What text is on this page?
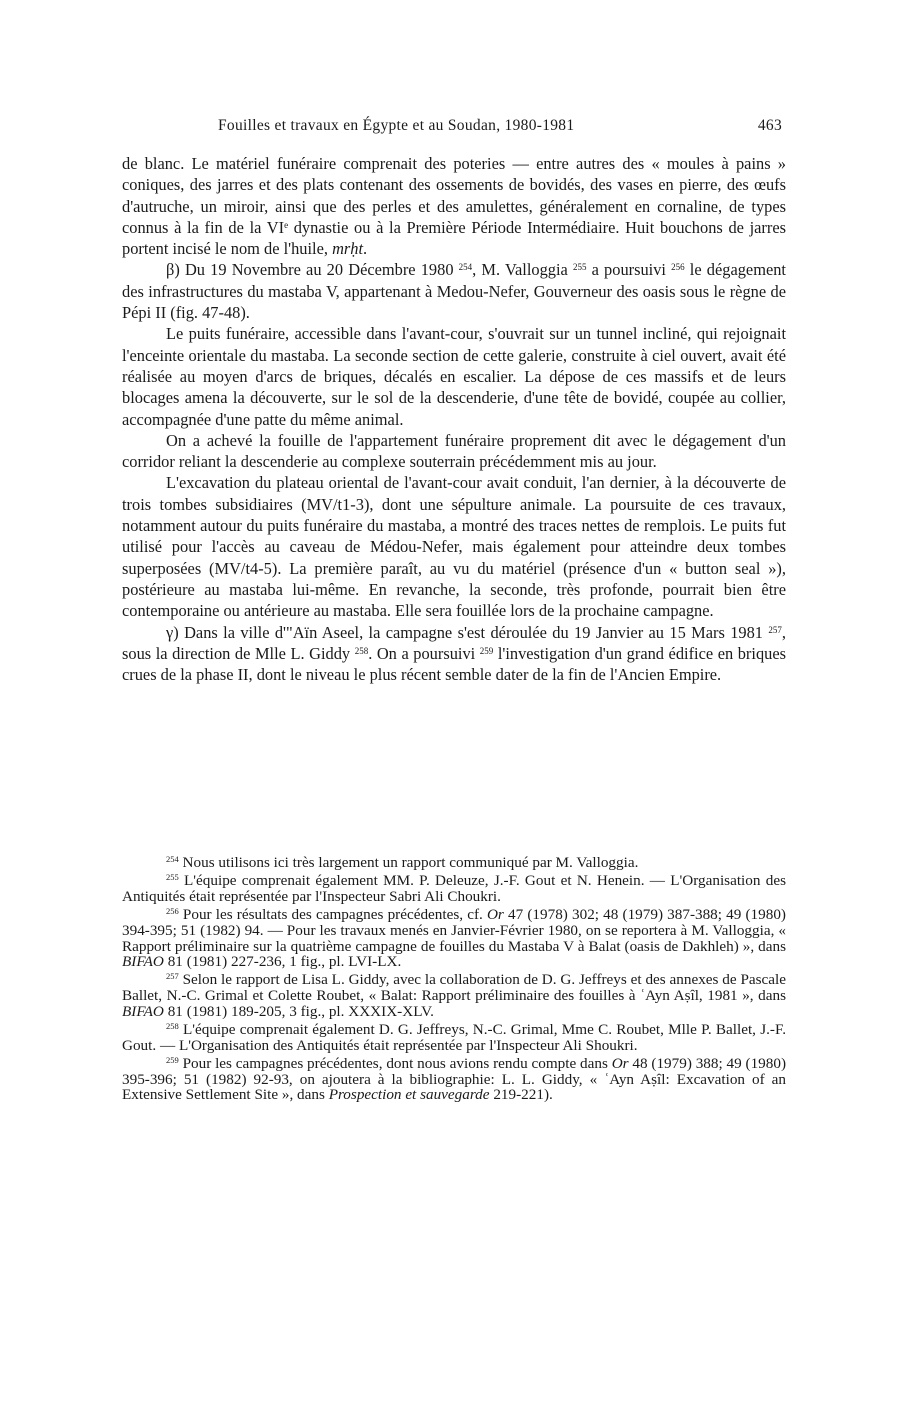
Fouilles et travaux en Égypte et au Soudan, 1980-1981	463

de blanc. Le matériel funéraire comprenait des poteries — entre autres des « moules à pains » coniques, des jarres et des plats contenant des ossements de bovidés, des vases en pierre, des œufs d'autruche, un miroir, ainsi que des perles et des amulettes, généralement en cornaline, de types connus à la fin de la VIe dynastie ou à la Première Période Intermédiaire. Huit bouchons de jarres portent incisé le nom de l'huile, mrḥt.

β) Du 19 Novembre au 20 Décembre 1980 $^{254}$, M. Valloggia $^{255}$ a poursuivi $^{256}$ le dégagement des infrastructures du mastaba V, appartenant à Medou-Nefer, Gouverneur des oasis sous le règne de Pépi II (fig. 47-48).

Le puits funéraire, accessible dans l'avant-cour, s'ouvrait sur un tunnel incliné, qui rejoignait l'enceinte orientale du mastaba. La seconde section de cette galerie, construite à ciel ouvert, avait été réalisée au moyen d'arcs de briques, décalés en escalier. La dépose de ces massifs et de leurs blocages amena la découverte, sur le sol de la descenderie, d'une tête de bovidé, coupée au collier, accompagnée d'une patte du même animal.

On a achevé la fouille de l'appartement funéraire proprement dit avec le dégagement d'un corridor reliant la descenderie au complexe souterrain précédemment mis au jour.

L'excavation du plateau oriental de l'avant-cour avait conduit, l'an dernier, à la découverte de trois tombes subsidiaires (MV/t1-3), dont une sépulture animale. La poursuite de ces travaux, notamment autour du puits funéraire du mastaba, a montré des traces nettes de remplois. Le puits fut utilisé pour l'accès au caveau de Médou-Nefer, mais également pour atteindre deux tombes superposées (MV/t4-5). La première paraît, au vu du matériel (présence d'un « button seal »), postérieure au mastaba lui-même. En revanche, la seconde, très profonde, pourrait bien être contemporaine ou antérieure au mastaba. Elle sera fouillée lors de la prochaine campagne.

γ) Dans la ville d'"Aïn Aseel, la campagne s'est déroulée du 19 Janvier au 15 Mars 1981 $^{257}$, sous la direction de Mlle L. Giddy $^{258}$. On a poursuivi $^{259}$ l'investigation d'un grand édifice en briques crues de la phase II, dont le niveau le plus récent semble dater de la fin de l'Ancien Empire.

$^{254}$ Nous utilisons ici très largement un rapport communiqué par M. Valloggia.

$^{255}$ L'équipe comprenait également MM. P. Deleuze, J.-F. Gout et N. Henein. — L'Organisation des Antiquités était représentée par l'Inspecteur Sabri Ali Choukri.

$^{256}$ Pour les résultats des campagnes précédentes, cf. Or 47 (1978) 302; 48 (1979) 387-388; 49 (1980) 394-395; 51 (1982) 94. — Pour les travaux menés en Janvier-Février 1980, on se reportera à M. Valloggia, « Rapport préliminaire sur la quatrième campagne de fouilles du Mastaba V à Balat (oasis de Dakhleh) », dans BIFAO 81 (1981) 227-236, 1 fig., pl. LVI-LX.

$^{257}$ Selon le rapport de Lisa L. Giddy, avec la collaboration de D. G. Jeffreys et des annexes de Pascale Ballet, N.-C. Grimal et Colette Roubet, « Balat: Rapport préliminaire des fouilles à ʿAyn Aṣîl, 1981 », dans BIFAO 81 (1981) 189-205, 3 fig., pl. XXXIX-XLV.

$^{258}$ L'équipe comprenait également D. G. Jeffreys, N.-C. Grimal, Mme C. Roubet, Mlle P. Ballet, J.-F. Gout. — L'Organisation des Antiquités était représentée par l'Inspecteur Ali Shoukri.

$^{259}$ Pour les campagnes précédentes, dont nous avions rendu compte dans Or 48 (1979) 388; 49 (1980) 395-396; 51 (1982) 92-93, on ajoutera à la bibliographie: L. L. Giddy, « ʿAyn Aṣîl: Excavation of an Extensive Settlement Site », dans Prospection et sauvegarde 219-221).
